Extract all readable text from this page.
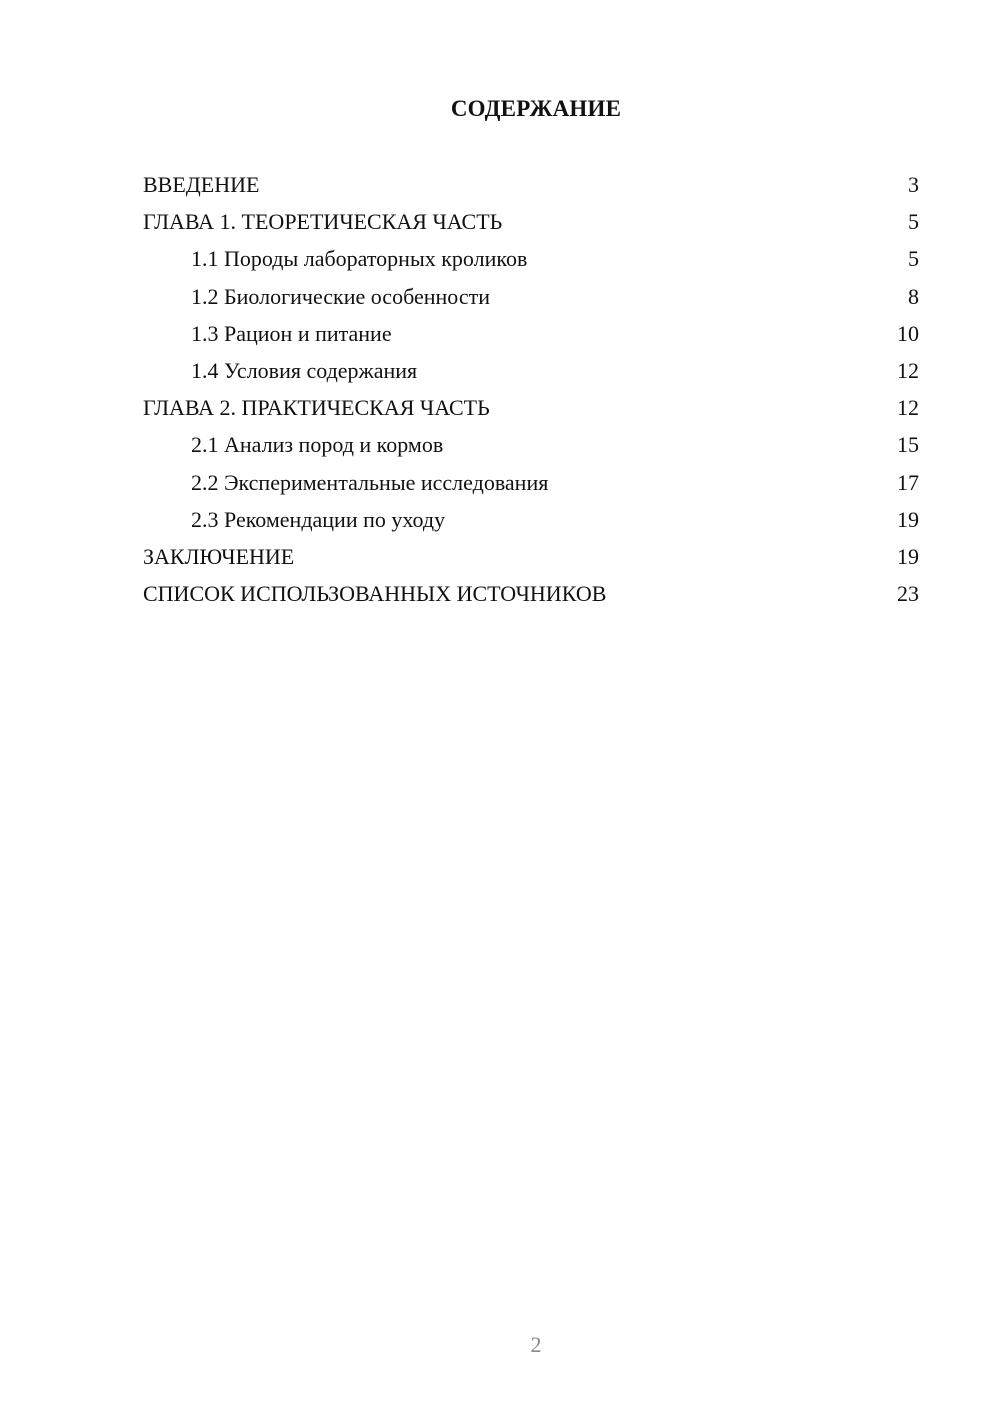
СОДЕРЖАНИЕ
ВВЕДЕНИЕ	3
ГЛАВА 1. ТЕОРЕТИЧЕСКАЯ ЧАСТЬ	5
1.1 Породы лабораторных кроликов	5
1.2 Биологические особенности	8
1.3 Рацион и питание	10
1.4 Условия содержания	12
ГЛАВА 2. ПРАКТИЧЕСКАЯ ЧАСТЬ	12
2.1 Анализ пород и кормов	15
2.2 Экспериментальные исследования	17
2.3 Рекомендации по уходу	19
ЗАКЛЮЧЕНИЕ	19
СПИСОК ИСПОЛЬЗОВАННЫХ ИСТОЧНИКОВ	23
2
